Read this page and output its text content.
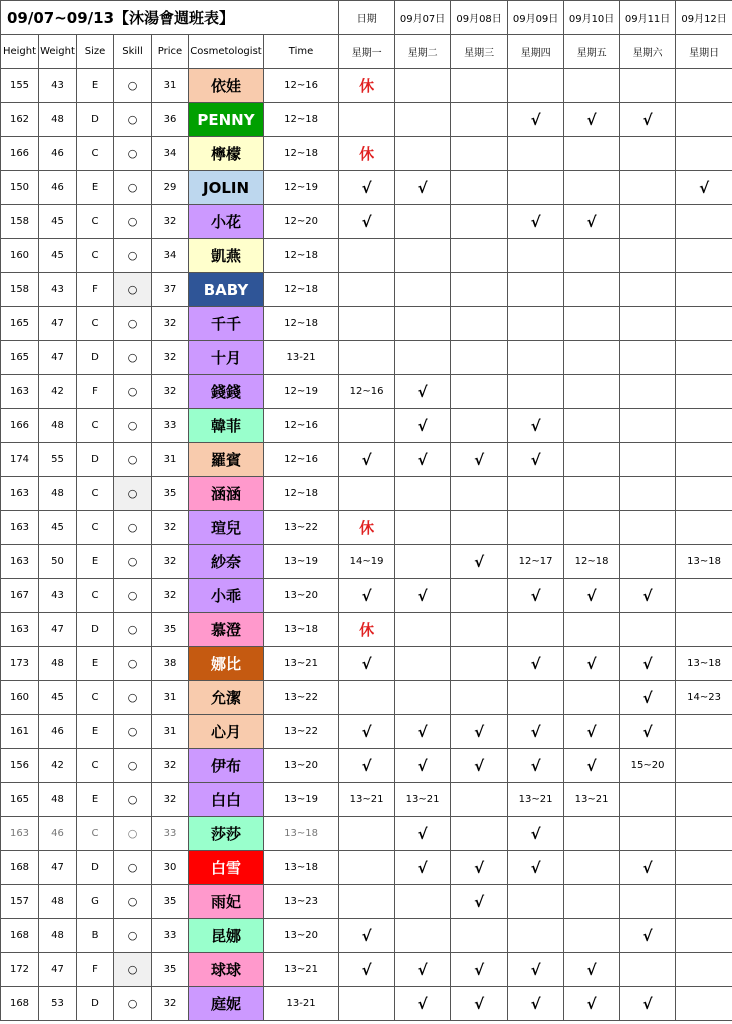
09/07~09/13【沐湯會週班表】							日期	09月07日	09月08日	09月09日	09月10日	09月11日	09月12日	
Height	Weight	Size	Skill	Price	Cosmetologist	Time	星期一	星期二	星期三	星期四	星期五	星期六	星期日	
155	43	E	○	31	依娃	12~16	休							
162	48	D	○	36	PENNY	12~18				√	√	√		
166	46	C	○	34	檸檬	12~18	休							
150	46	E	○	29	JOLIN	12~19	√	√					√	
158	45	C	○	32	小花	12~20	√			√	√			
160	45	C	○	34	凱燕	12~18								
158	43	F	○	37	BABY	12~18								
165	47	C	○	32	千千	12~18								
165	47	D	○	32	十月	13-21								
163	42	F	○	32	錢錢	12~19	12~16	√						
166	48	C	○	33	韓菲	12~16		√		√				
174	55	D	○	31	羅賓	12~16	√	√	√	√				
163	48	C	○	35	涵涵	12~18								
163	45	C	○	32	瑄兒	13~22	休							
163	50	E	○	32	紗奈	13~19	14~19		√	12~17	12~18		13~18	
167	43	C	○	32	小乖	13~20	√	√		√	√	√		
163	47	D	○	35	慕澄	13~18	休							
173	48	E	○	38	娜比	13~21	√			√	√	√	13~18	
160	45	C	○	31	允潔	13~22						√	14~23	
161	46	E	○	31	心月	13~22	√	√	√	√	√	√		
156	42	C	○	32	伊布	13~20	√	√	√	√	√	15~20		
165	48	E	○	32	白白	13~19	13~21	13~21		13~21	13~21			
163	46	C	○	33	莎莎	13~18		√		√				
168	47	D	○	30	白雪	13~18		√	√	√		√		
157	48	G	○	35	雨妃	13~23			√					
168	48	B	○	33	昆娜	13~20	√					√		
172	47	F	○	35	球球	13~21	√	√	√	√	√			
168	53	D	○	32	庭妮	13-21		√	√	√	√	√		
